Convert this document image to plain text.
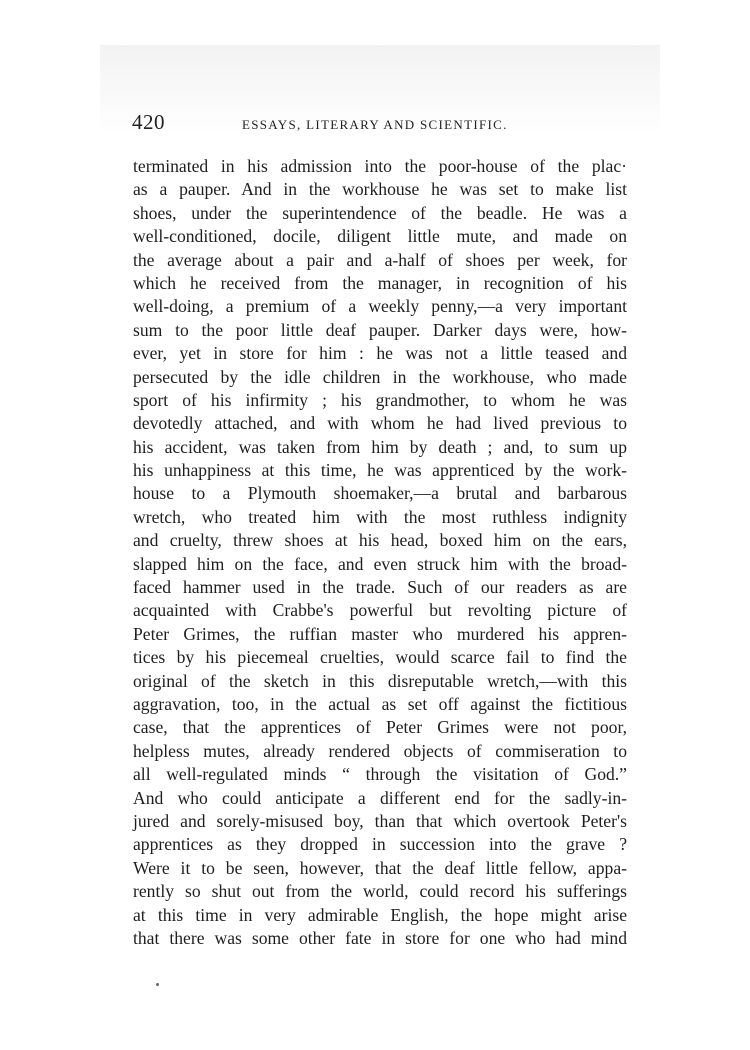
420	ESSAYS, LITERARY AND SCIENTIFIC.
terminated in his admission into the poor-house of the plac·
as a pauper. And in the workhouse he was set to make list
shoes, under the superintendence of the beadle. He was a
well-conditioned, docile, diligent little mute, and made on
the average about a pair and a-half of shoes per week, for
which he received from the manager, in recognition of his
well-doing, a premium of a weekly penny,—a very important
sum to the poor little deaf pauper. Darker days were, how-
ever, yet in store for him : he was not a little teased and
persecuted by the idle children in the workhouse, who made
sport of his infirmity ; his grandmother, to whom he was
devotedly attached, and with whom he had lived previous to
his accident, was taken from him by death ; and, to sum up
his unhappiness at this time, he was apprenticed by the work-
house to a Plymouth shoemaker,—a brutal and barbarous
wretch, who treated him with the most ruthless indignity
and cruelty, threw shoes at his head, boxed him on the ears,
slapped him on the face, and even struck him with the broad-
faced hammer used in the trade. Such of our readers as are
acquainted with Crabbe's powerful but revolting picture of
Peter Grimes, the ruffian master who murdered his appren-
tices by his piecemeal cruelties, would scarce fail to find the
original of the sketch in this disreputable wretch,—with this
aggravation, too, in the actual as set off against the fictitious
case, that the apprentices of Peter Grimes were not poor,
helpless mutes, already rendered objects of commiseration to
all well-regulated minds “ through the visitation of God.”
And who could anticipate a different end for the sadly-in-
jured and sorely-misused boy, than that which overtook Peter's
apprentices as they dropped in succession into the grave ?
Were it to be seen, however, that the deaf little fellow, appa-
rently so shut out from the world, could record his sufferings
at this time in very admirable English, the hope might arise
that there was some other fate in store for one who had mind
